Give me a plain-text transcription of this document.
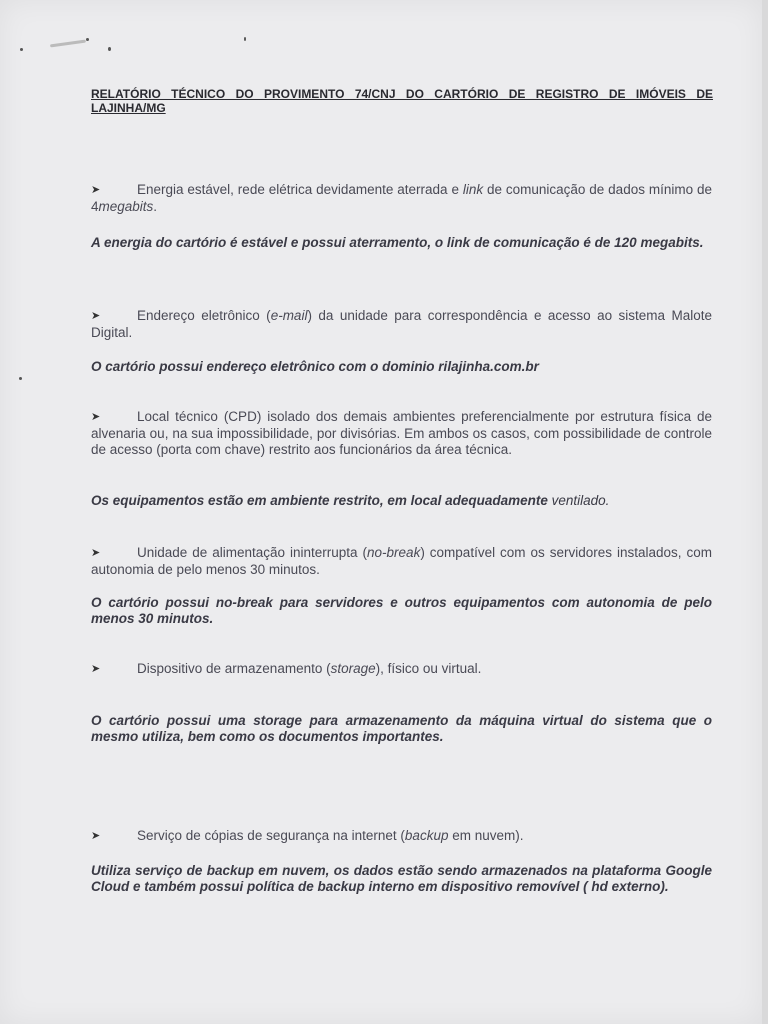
RELATÓRIO TÉCNICO DO PROVIMENTO 74/CNJ DO CARTÓRIO DE REGISTRO DE IMÓVEIS DE LAJINHA/MG
➤	Energia estável, rede elétrica devidamente aterrada e link de comunicação de dados mínimo de 4megabits.
A energia do cartório é estável e possui aterramento, o link de comunicação é de 120 megabits.
➤	Endereço eletrônico (e-mail) da unidade para correspondência e acesso ao sistema Malote Digital.
O cartório possui endereço eletrônico com o dominio rilajinha.com.br
➤	Local técnico (CPD) isolado dos demais ambientes preferencialmente por estrutura física de alvenaria ou, na sua impossibilidade, por divisórias. Em ambos os casos, com possibilidade de controle de acesso (porta com chave) restrito aos funcionários da área técnica.
Os equipamentos estão em ambiente restrito, em local adequadamente ventilado.
➤	Unidade de alimentação ininterrupta (no-break) compatível com os servidores instalados, com autonomia de pelo menos 30 minutos.
O cartório possui no-break para servidores e outros equipamentos com autonomia de pelo menos 30 minutos.
➤	Dispositivo de armazenamento (storage), físico ou virtual.
O cartório possui uma storage para armazenamento da máquina virtual do sistema que o mesmo utiliza, bem como os documentos importantes.
➤	Serviço de cópias de segurança na internet (backup em nuvem).
Utiliza serviço de backup em nuvem, os dados estão sendo armazenados na plataforma Google Cloud e também possui política de backup interno em dispositivo removível ( hd externo).
